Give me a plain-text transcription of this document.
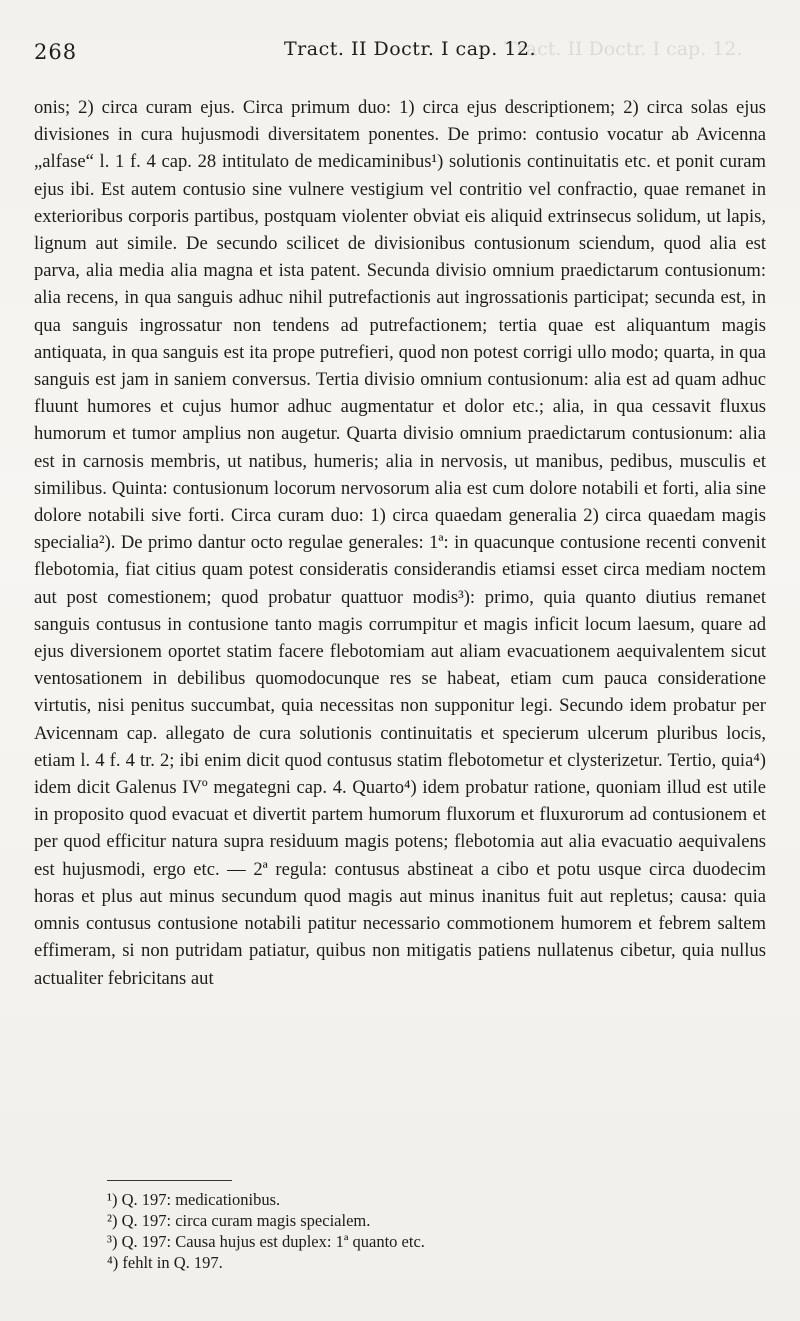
268	Tract. II Doctr. I cap. 12.
Tract. II Doctr. I cap. 12.

onis; 2) circa curam ejus. Circa primum duo: 1) circa ejus descriptionem; 2) circa solas ejus divisiones in cura hujusmodi diversitatem ponentes. De primo: contusio vocatur ab Avicenna „alfase“ l. 1 f. 4 cap. 28 intitulato de medicaminibus¹) solutionis continuitatis etc. et ponit curam ejus ibi. Est autem contusio sine vulnere vestigium vel contritio vel confractio, quae remanet in exterioribus corporis partibus, postquam violenter obviat eis aliquid extrinsecus solidum, ut lapis, lignum aut simile. De secundo scilicet de divisionibus contusionum sciendum, quod alia est parva, alia media alia magna et ista patent. Secunda divisio omnium praedictarum contusionum: alia recens, in qua sanguis adhuc nihil putrefactionis aut ingrossationis participat; secunda est, in qua sanguis ingrossatur non tendens ad putrefactionem; tertia quae est aliquantum magis antiquata, in qua sanguis est ita prope putrefieri, quod non potest corrigi ullo modo; quarta, in qua sanguis est jam in saniem conversus. Tertia divisio omnium contusionum: alia est ad quam adhuc fluunt humores et cujus humor adhuc augmentatur et dolor etc.; alia, in qua cessavit fluxus humorum et tumor amplius non augetur. Quarta divisio omnium praedictarum contusionum: alia est in carnosis membris, ut natibus, humeris; alia in nervosis, ut manibus, pedibus, musculis et similibus. Quinta: contusionum locorum nervosorum alia est cum dolore notabili et forti, alia sine dolore notabili sive forti. Circa curam duo: 1) circa quaedam generalia 2) circa quaedam magis specialia²). De primo dantur octo regulae generales: 1ª: in quacunque contusione recenti convenit flebotomia, fiat citius quam potest consideratis considerandis etiamsi esset circa mediam noctem aut post comestionem; quod probatur quattuor modis³): primo, quia quanto diutius remanet sanguis contusus in contusione tanto magis corrumpitur et magis inficit locum laesum, quare ad ejus diversionem oportet statim facere flebotomiam aut aliam evacuationem aequivalentem sicut ventosationem in debilibus quomodocunque res se habeat, etiam cum pauca consideratione virtutis, nisi penitus succumbat, quia necessitas non supponitur legi. Secundo idem probatur per Avicennam cap. allegato de cura solutionis continuitatis et specierum ulcerum pluribus locis, etiam l. 4 f. 4 tr. 2; ibi enim dicit quod contusus statim flebotometur et clysterizetur. Tertio, quia⁴) idem dicit Galenus IVº megategni cap. 4. Quarto⁴) idem probatur ratione, quoniam illud est utile in proposito quod evacuat et divertit partem humorum fluxorum et fluxurorum ad contusionem et per quod efficitur natura supra residuum magis potens; flebotomia aut alia evacuatio aequivalens est hujusmodi, ergo etc. — 2ª regula: contusus abstineat a cibo et potu usque circa duodecim horas et plus aut minus secundum quod magis aut minus inanitus fuit aut repletus; causa: quia omnis contusus contusione notabili patitur necessario commotionem humorem et febrem saltem effimeram, si non putridam patiatur, quibus non mitigatis patiens nullatenus cibetur, quia nullus actualiter febricitans aut

¹) Q. 197: medicationibus.

²) Q. 197: circa curam magis specialem.

³) Q. 197: Causa hujus est duplex: 1ª quanto etc.

⁴) fehlt in Q. 197.
